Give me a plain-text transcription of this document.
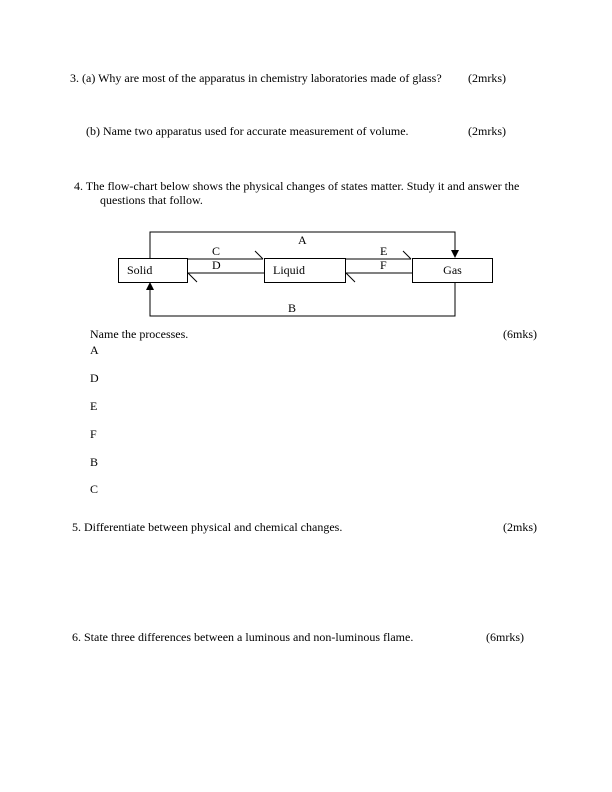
3. (a) Why are most of the apparatus in chemistry laboratories made of glass? (2mrks)
(b) Name two apparatus used for accurate measurement of volume.	(2mrks)
4. The flow-chart below shows the physical changes of states matter. Study it and answer the
questions that follow.
Solid	Liquid	Gas
A
C
D
E
F
B
Name the processes.	(6mks)
A
D
E
F
B
C
5. Differentiate between physical and chemical changes.	(2mks)
6. State three differences between a luminous and non-luminous flame.	(6mrks)
